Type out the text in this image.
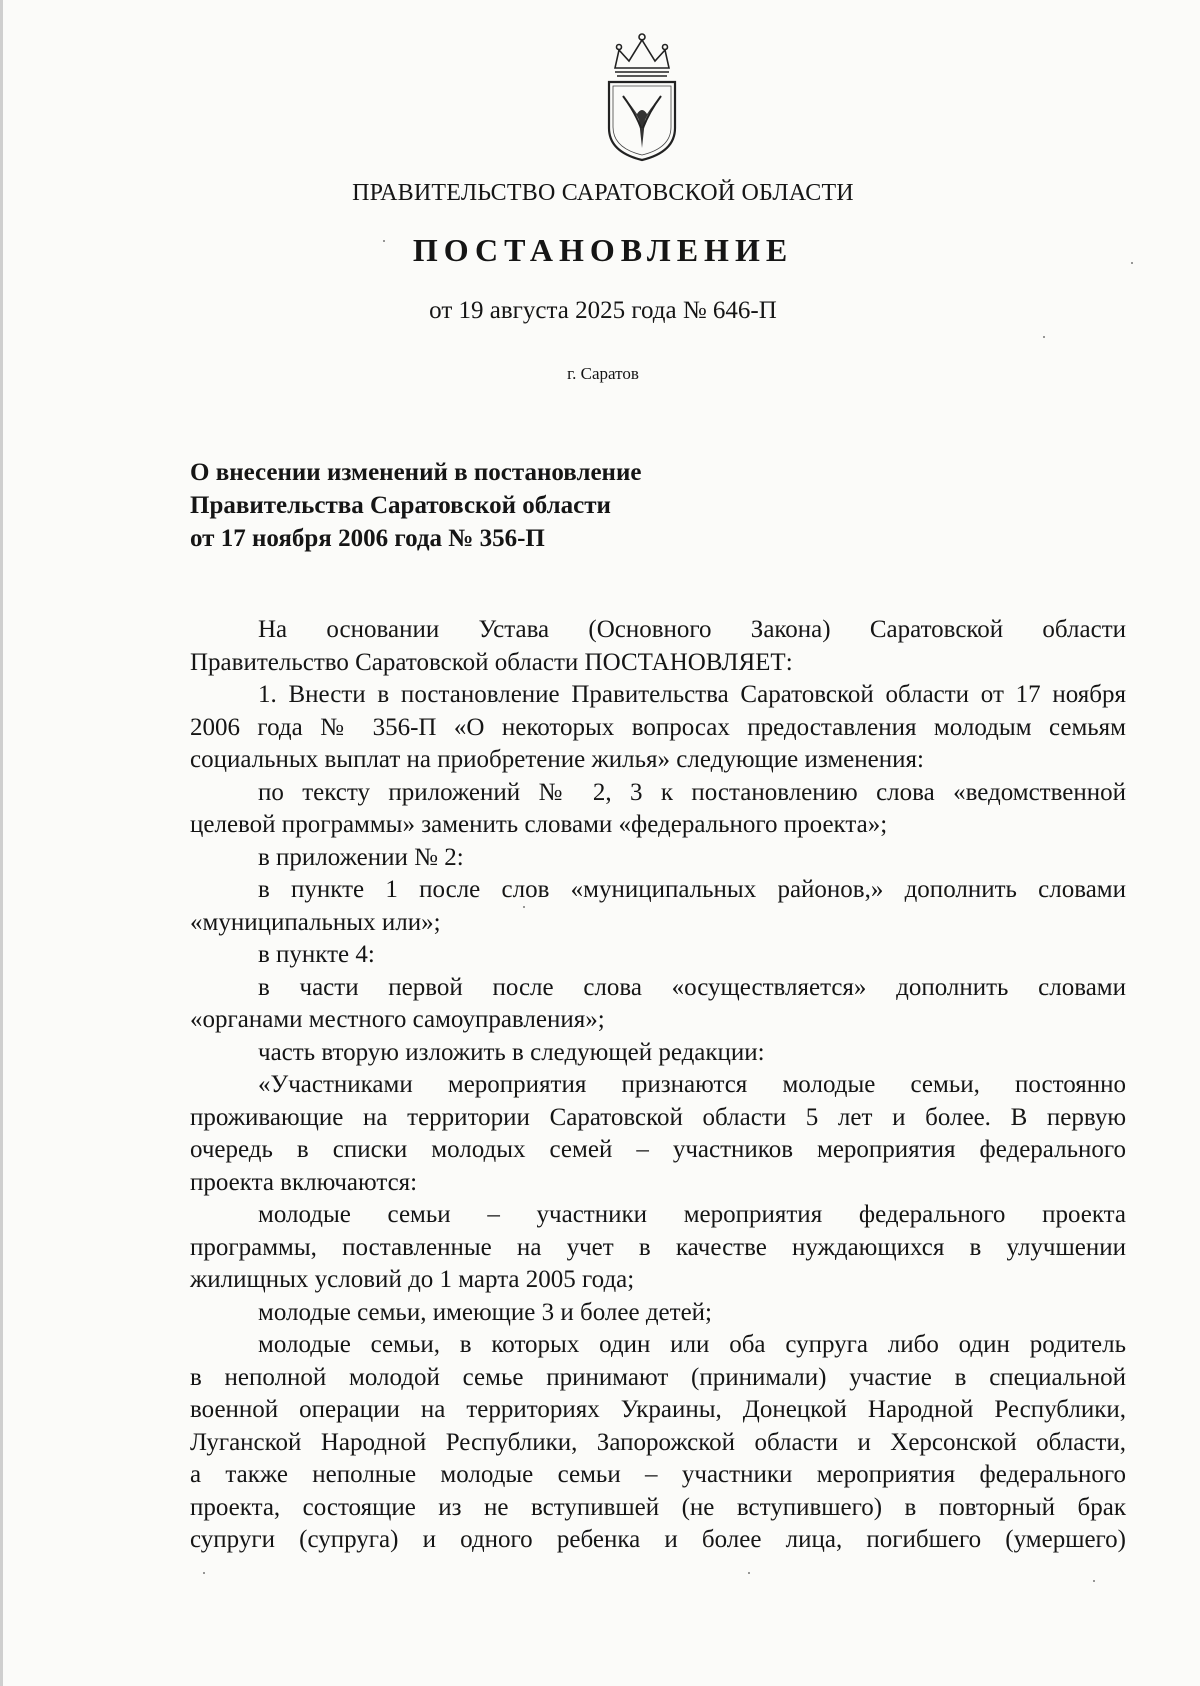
ПРАВИТЕЛЬСТВО САРАТОВСКОЙ ОБЛАСТИ
ПОСТАНОВЛЕНИЕ
от 19 августа 2025 года № 646-П
г. Саратов
О внесении изменений в постановление
Правительства Саратовской области
от 17 ноября 2006 года № 356-П
На основании Устава (Основного Закона) Саратовской области
Правительство Саратовской области ПОСТАНОВЛЯЕТ:
1. Внести в постановление Правительства Саратовской области от 17 ноября
2006 года № 356-П «О некоторых вопросах предоставления молодым семьям
социальных выплат на приобретение жилья» следующие изменения:
по тексту приложений № 2, 3 к постановлению слова «ведомственной
целевой программы» заменить словами «федерального проекта»;
в приложении № 2:
в пункте 1 после слов «муниципальных районов,» дополнить словами
«муниципальных или»;
в пункте 4:
в части первой после слова «осуществляется» дополнить словами
«органами местного самоуправления»;
часть вторую изложить в следующей редакции:
«Участниками мероприятия признаются молодые семьи, постоянно
проживающие на территории Саратовской области 5 лет и более. В первую
очередь в списки молодых семей – участников мероприятия федерального
проекта включаются:
молодые семьи – участники мероприятия федерального проекта
программы, поставленные на учет в качестве нуждающихся в улучшении
жилищных условий до 1 марта 2005 года;
молодые семьи, имеющие 3 и более детей;
молодые семьи, в которых один или оба супруга либо один родитель
в неполной молодой семье принимают (принимали) участие в специальной
военной операции на территориях Украины, Донецкой Народной Республики,
Луганской Народной Республики, Запорожской области и Херсонской области,
а также неполные молодые семьи – участники мероприятия федерального
проекта, состоящие из не вступившей (не вступившего) в повторный брак
супруги (супруга) и одного ребенка и более лица, погибшего (умершего)
